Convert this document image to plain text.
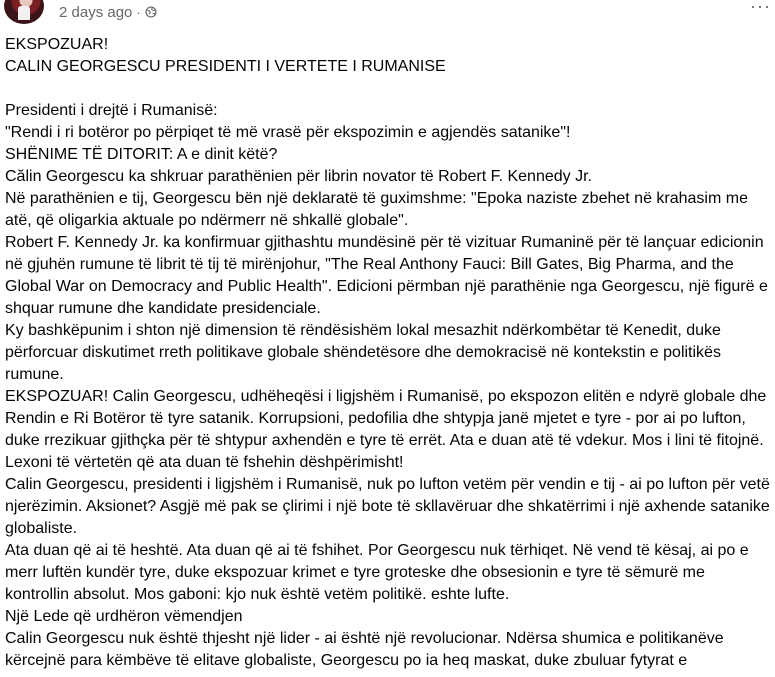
2 days ago ·	···

EKSPOZUAR!

CALIN GEORGESCU PRESIDENTI I VERTETE I RUMANISE

Presidenti i drejtë i Rumanisë:

"Rendi i ri botëror po përpiqet të më vrasë për ekspozimin e agjendës satanike"!

SHËNIME TË DITORIT: A e dinit këtë?

Călin Georgescu ka shkruar parathënien për librin novator të Robert F. Kennedy Jr.

Në parathënien e tij, Georgescu bën një deklaratë të guximshme: "Epoka naziste zbehet në krahasim me atë, që oligarkia aktuale po ndërmerr në shkallë globale".

Robert F. Kennedy Jr. ka konfirmuar gjithashtu mundësinë për të vizituar Rumaninë për të lançuar edicionin në gjuhën rumune të librit të tij të mirënjohur, "The Real Anthony Fauci: Bill Gates, Big Pharma, and the Global War on Democracy and Public Health". Edicioni përmban një parathënie nga Georgescu, një figurë e shquar rumune dhe kandidate presidenciale.

Ky bashkëpunim i shton një dimension të rëndësishëm lokal mesazhit ndërkombëtar të Kenedit, duke përforcuar diskutimet rreth politikave globale shëndetësore dhe demokracisë në kontekstin e politikës rumune.

EKSPOZUAR! Calin Georgescu, udhëheqësi i ligjshëm i Rumanisë, po ekspozon elitën e ndyrë globale dhe Rendin e Ri Botëror të tyre satanik. Korrupsioni, pedofilia dhe shtypja janë mjetet e tyre - por ai po lufton, duke rrezikuar gjithçka për të shtypur axhendën e tyre të errët. Ata e duan atë të vdekur. Mos i lini të fitojnë. Lexoni të vërtetën që ata duan të fshehin dëshpërimisht!

Calin Georgescu, presidenti i ligjshëm i Rumanisë, nuk po lufton vetëm për vendin e tij - ai po lufton për vetë njerëzimin. Aksionet? Asgjë më pak se çlirimi i një bote të skllavëruar dhe shkatërrimi i një axhende satanike globaliste.

Ata duan që ai të heshtë. Ata duan që ai të fshihet. Por Georgescu nuk tërhiqet. Në vend të kësaj, ai po e merr luftën kundër tyre, duke ekspozuar krimet e tyre groteske dhe obsesionin e tyre të sëmurë me kontrollin absolut. Mos gaboni: kjo nuk është vetëm politikë. eshte lufte.

Një Lede që urdhëron vëmendjen

Calin Georgescu nuk është thjesht një lider - ai është një revolucionar. Ndërsa shumica e politikanëve kërcejnë para këmbëve të elitave globaliste, Georgescu po ia heq maskat, duke zbuluar fytyrat e
